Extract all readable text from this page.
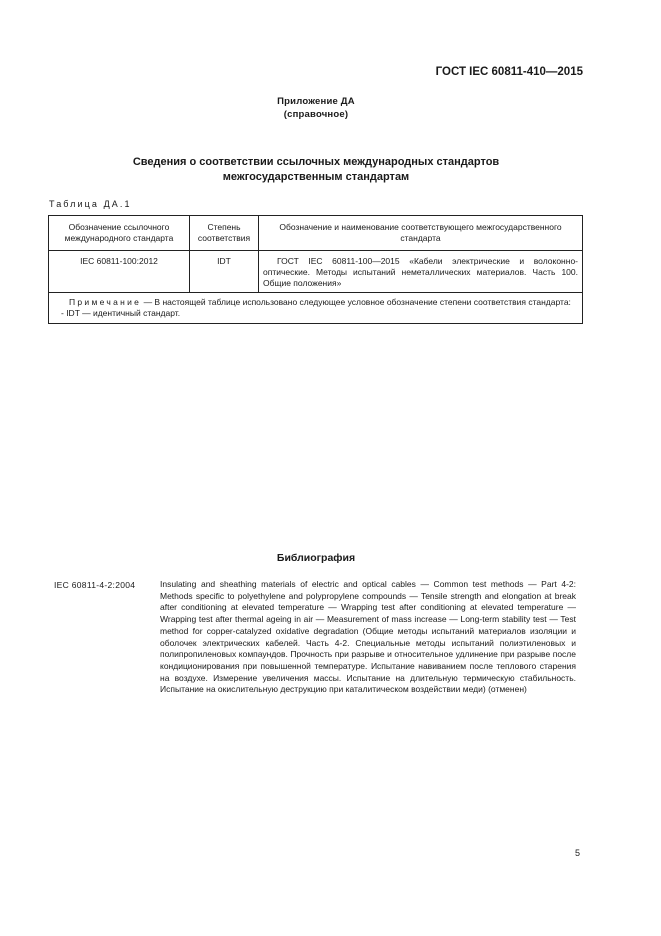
ГОСТ IEC 60811-410—2015
Приложение ДА
(справочное)
Сведения о соответствии ссылочных международных стандартов
межгосударственным стандартам
Таблица ДА.1
Обозначение ссылочного международного стандарта	Степень соответствия	Обозначение и наименование соответствующего межгосударственного стандарта
IEC 60811-100:2012	IDT	ГОСТ IEC 60811-100—2015 «Кабели электрические и волоконно-оптические. Методы испытаний неметаллических материалов. Часть 100. Общие положения»

Примечание — В настоящей таблице использовано следующее условное обозначение степени соответствия стандарта:
- IDT — идентичный стандарт.		
Библиография
IEC 60811-4-2:2004	Insulating and sheathing materials of electric and optical cables — Common test methods — Part 4-2: Methods specific to polyethylene and polypropylene compounds — Tensile strength and elongation at break after conditioning at elevated temperature — Wrapping test after conditioning at elevated temperature — Wrapping test after thermal ageing in air — Measurement of mass increase — Long-term stability test — Test method for copper-catalyzed oxidative degradation (Общие методы испытаний материалов изоляции и оболочек электрических кабелей. Часть 4-2. Специальные методы испытаний полиэтиленовых и полипропиленовых компаундов. Прочность при разрыве и относительное удлинение при разрыве после кондиционирования при повышенной температуре. Испытание навиванием после теплового старения на воздухе. Измерение увеличения массы. Испытание на длительную термическую стабильность. Испытание на окислительную деструкцию при каталитическом воздействии меди) (отменен)
5
